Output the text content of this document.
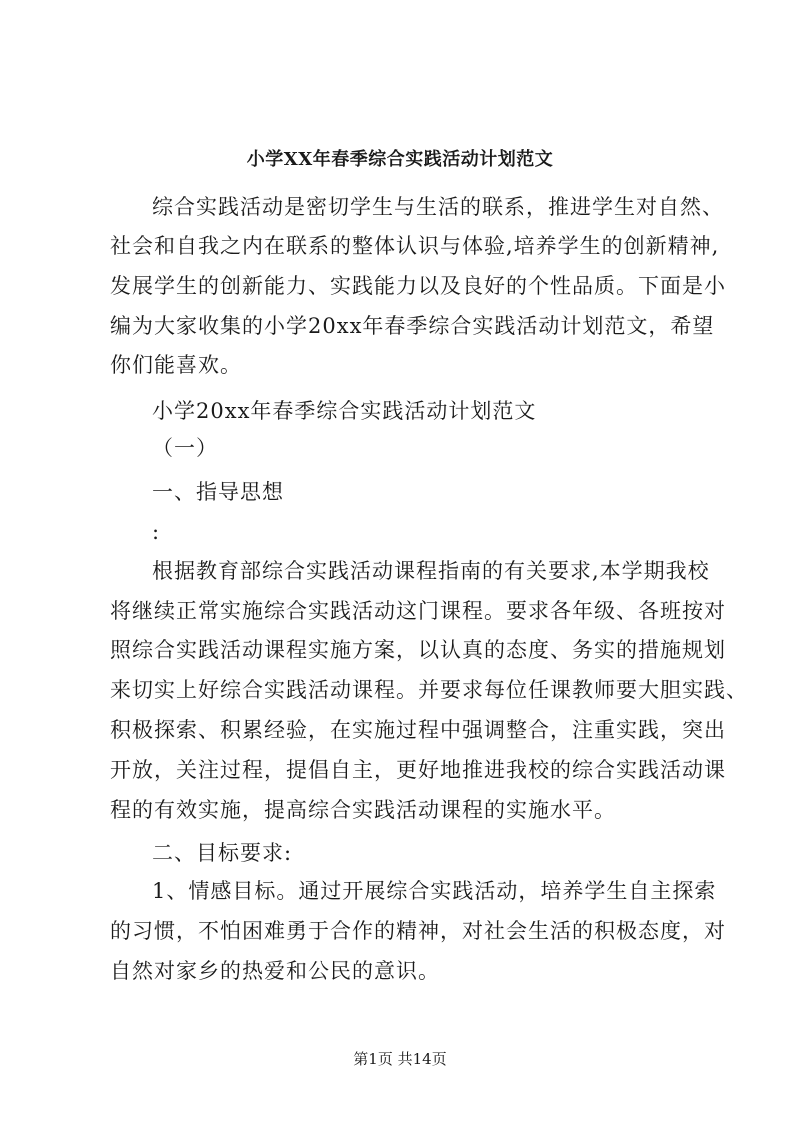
小学XX年春季综合实践活动计划范文
综合实践活动是密切学生与生活的联系，推进学生对自然、
社会和自我之内在联系的整体认识与体验,培养学生的创新精神,
发展学生的创新能力、实践能力以及良好的个性品质。下面是小
编为大家收集的小学20xx年春季综合实践活动计划范文，希望
你们能喜欢。
小学20xx年春季综合实践活动计划范文
（一）
一、指导思想
:
根据教育部综合实践活动课程指南的有关要求,本学期我校
将继续正常实施综合实践活动这门课程。要求各年级、各班按对
照综合实践活动课程实施方案，以认真的态度、务实的措施规划
来切实上好综合实践活动课程。并要求每位任课教师要大胆实践、
积极探索、积累经验，在实施过程中强调整合，注重实践，突出
开放，关注过程，提倡自主，更好地推进我校的综合实践活动课
程的有效实施，提高综合实践活动课程的实施水平。
二、目标要求:
1、情感目标。通过开展综合实践活动，培养学生自主探索
的习惯，不怕困难勇于合作的精神，对社会生活的积极态度，对
自然对家乡的热爱和公民的意识。
第1页 共14页
